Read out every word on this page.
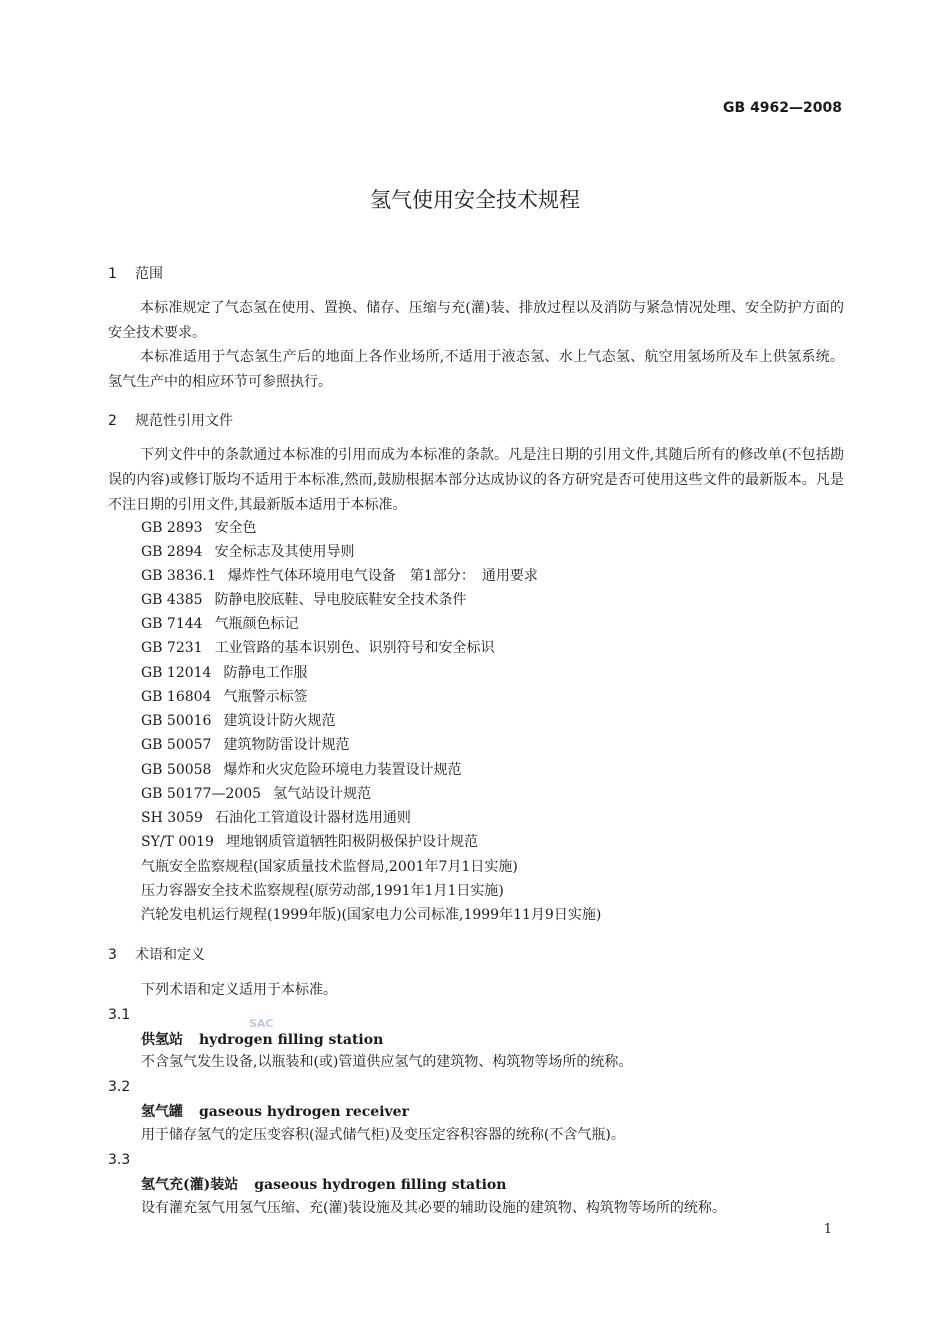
GB 4962—2008
氢气使用安全技术规程
1 范围
本标准规定了气态氢在使用、置换、储存、压缩与充(灌)装、排放过程以及消防与紧急情况处理、安全防护方面的安全技术要求。
本标准适用于气态氢生产后的地面上各作业场所,不适用于液态氢、水上气态氢、航空用氢场所及车上供氢系统。氢气生产中的相应环节可参照执行。
2 规范性引用文件
下列文件中的条款通过本标准的引用而成为本标准的条款。凡是注日期的引用文件,其随后所有的修改单(不包括勘误的内容)或修订版均不适用于本标准,然而,鼓励根据本部分达成协议的各方研究是否可使用这些文件的最新版本。凡是不注日期的引用文件,其最新版本适用于本标准。
GB 2893 安全色
GB 2894 安全标志及其使用导则
GB 3836.1 爆炸性气体环境用电气设备　第1部分：　通用要求
GB 4385 防静电胶底鞋、导电胶底鞋安全技术条件
GB 7144 气瓶颜色标记
GB 7231 工业管路的基本识别色、识别符号和安全标识
GB 12014 防静电工作服
GB 16804 气瓶警示标签
GB 50016 建筑设计防火规范
GB 50057 建筑物防雷设计规范
GB 50058 爆炸和火灾危险环境电力装置设计规范
GB 50177—2005 氢气站设计规范
SH 3059 石油化工管道设计器材选用通则
SY/T 0019 埋地钢质管道牺牲阳极阴极保护设计规范
气瓶安全监察规程(国家质量技术监督局,2001年7月1日实施)
压力容器安全技术监察规程(原劳动部,1991年1月1日实施)
汽轮发电机运行规程(1999年版)(国家电力公司标准,1999年11月9日实施)
3 术语和定义
下列术语和定义适用于本标准。
3.1
供氢站 hydrogen filling station
不含氢气发生设备,以瓶装和(或)管道供应氢气的建筑物、构筑物等场所的统称。
3.2
氢气罐 gaseous hydrogen receiver
用于储存氢气的定压变容积(湿式储气柜)及变压定容积容器的统称(不含气瓶)。
3.3
氢气充(灌)装站 gaseous hydrogen filling station
设有灌充氢气用氢气压缩、充(灌)装设施及其必要的辅助设施的建筑物、构筑物等场所的统称。
SAC
1
